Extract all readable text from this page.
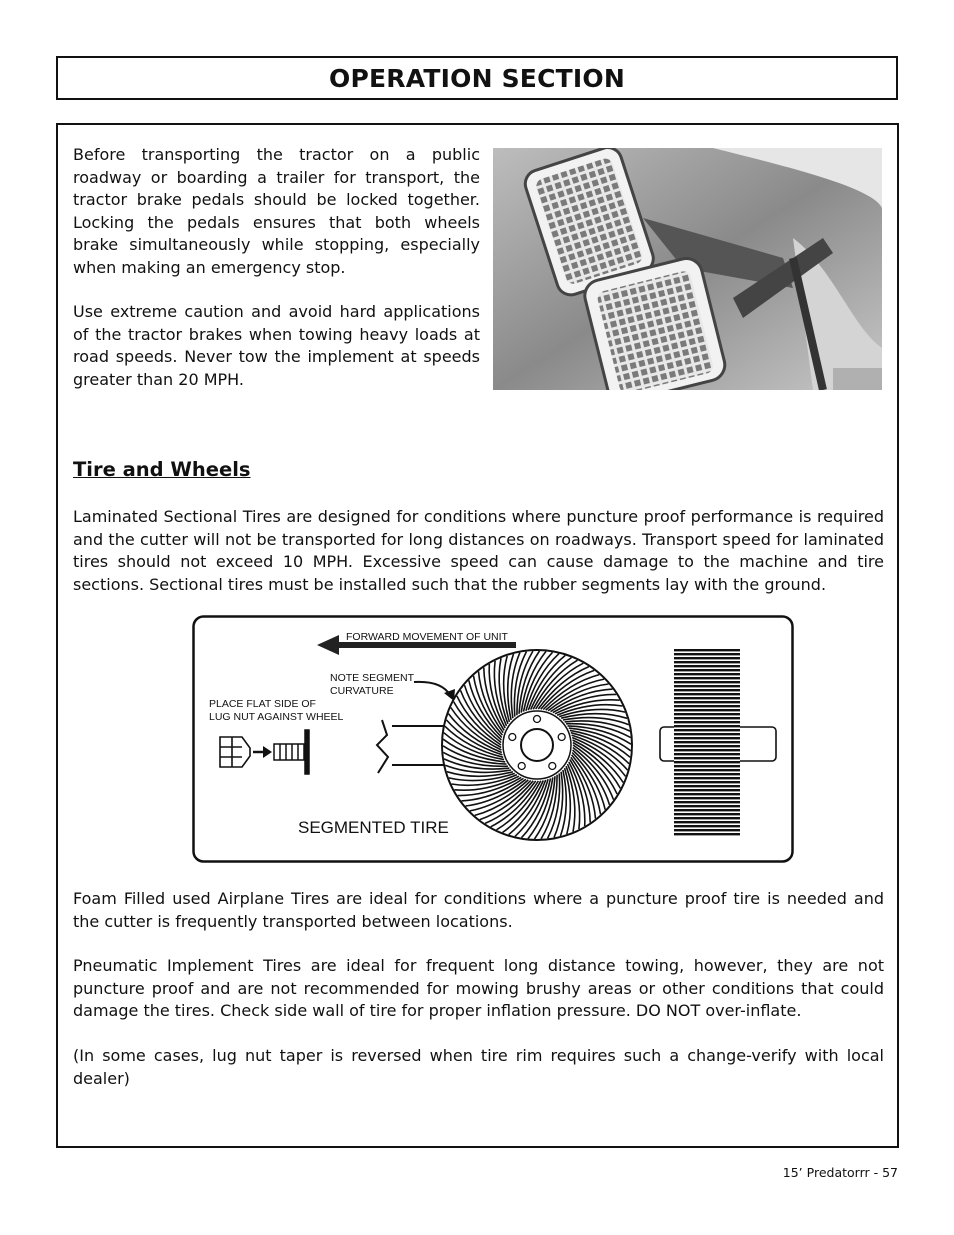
OPERATION SECTION

Before transporting the tractor on a public roadway or boarding a trailer for transport, the tractor brake pedals should be locked together. Locking the pedals ensures that both wheels brake simultaneously while stopping, especially when making an emergency stop.

Use extreme caution and avoid hard applications of the tractor brakes when towing heavy loads at road speeds. Never tow the implement at speeds greater than 20 MPH.

Tire and Wheels

Laminated Sectional Tires are designed for conditions where puncture proof performance is required and the cutter will not be transported for long distances on roadways. Transport speed for laminated tires should not exceed 10 MPH. Excessive speed can cause damage to the machine and tire sections. Sectional tires must be installed such that the rubber segments lay with the ground.

FORWARD MOVEMENT OF UNIT
NOTE SEGMENT
CURVATURE
PLACE FLAT SIDE OF
LUG NUT AGAINST WHEEL
SEGMENTED TIRE

Foam Filled used Airplane Tires are ideal for conditions where a puncture proof tire is needed and the cutter is frequently transported between locations.

Pneumatic Implement Tires are ideal for frequent long distance towing, however, they are not puncture proof and are not recommended for mowing brushy areas or other conditions that could damage the tires. Check side wall of tire for proper inflation pressure. DO NOT over-inflate.

(In some cases, lug nut taper is reversed when tire rim requires such a change-verify with local dealer)

15’ Predatorrr - 57
